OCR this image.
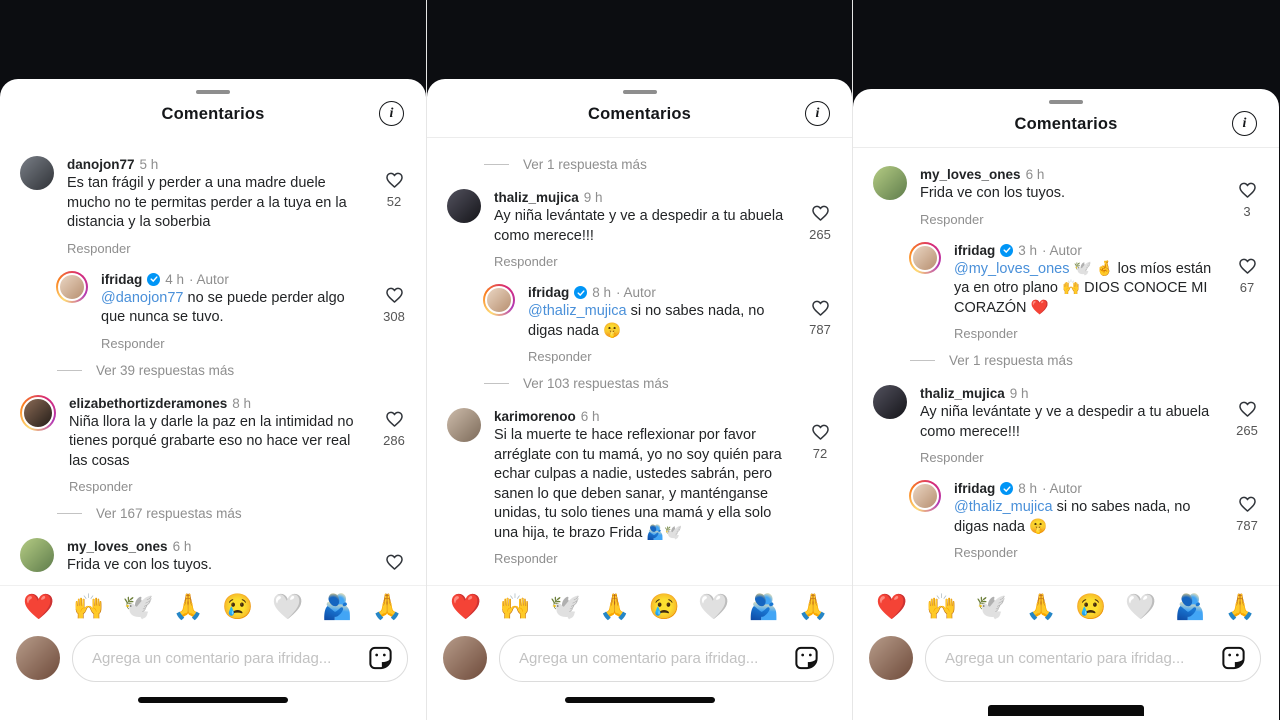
Comentarios	i
danojon77 5 h
Es tan frágil y perder a una madre duele mucho no te permitas perder a la tuya en la distancia y la soberbia
Responder
52
ifridag 4 h · Autor
@danojon77 no se puede perder algo que nunca se tuvo.
Responder
308
Ver 39 respuestas más
elizabethortizderamones 8 h
Niña llora la y darle la paz en la intimidad no tienes porqué grabarte eso no hace ver real las cosas
Responder
286
Ver 167 respuestas más
my_loves_ones 6 h
Frida ve con los tuyos.
❤️ 🙌 🕊️ 🙏 😢 🤍 🫂 🙏
Agrega un comentario para ifridag...
Comentarios	i
Ver 1 respuesta más
thaliz_mujica 9 h
Ay niña levántate y ve a despedir a tu abuela como merece!!!
Responder
265
ifridag 8 h · Autor
@thaliz_mujica si no sabes nada, no digas nada 🤫
Responder
787
Ver 103 respuestas más
karimorenoo 6 h
Si la muerte te hace reflexionar por favor arréglate con tu mamá, yo no soy quién para echar culpas a nadie, ustedes sabrán, pero sanen lo que deben sanar, y manténganse unidas, tu solo tienes una mamá y ella solo una hija, te brazo Frida 🫂🕊️
Responder
72
❤️ 🙌 🕊️ 🙏 😢 🤍 🫂 🙏
Agrega un comentario para ifridag...
Comentarios	i
my_loves_ones 6 h
Frida ve con los tuyos.
Responder	3
ifridag 3 h · Autor
@my_loves_ones 🕊️ 🤞 los míos están ya en otro plano 🙌 DIOS CONOCE MI CORAZÓN ❤️
Responder
67
Ver 1 respuesta más
thaliz_mujica 9 h
Ay niña levántate y ve a despedir a tu abuela como merece!!!
Responder
265
ifridag 8 h · Autor
@thaliz_mujica si no sabes nada, no digas nada 🤫
Responder
787
❤️ 🙌 🕊️ 🙏 😢 🤍 🫂 🙏
Agrega un comentario para ifridag...
